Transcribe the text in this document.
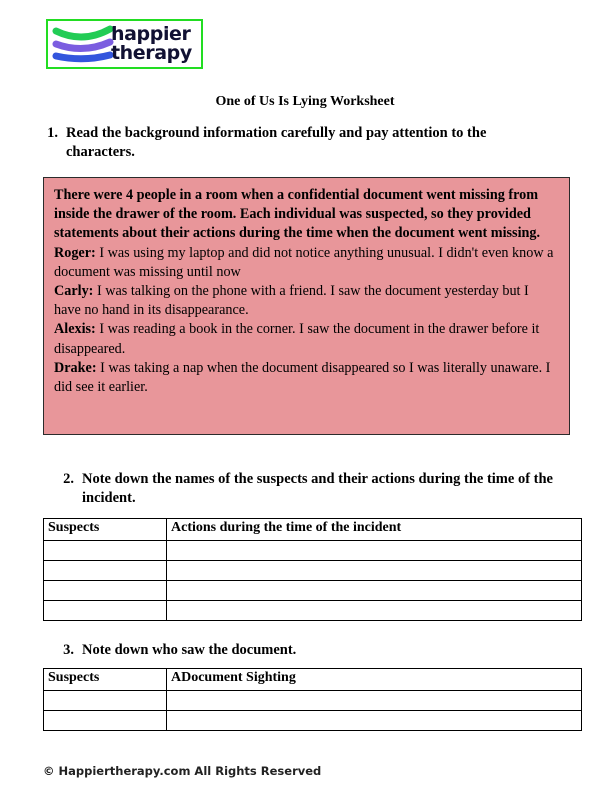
happier
therapy
One of Us Is Lying Worksheet
1. Read the background information carefully and pay attention to the characters.

There were 4 people in a room when a confidential document went missing from inside the drawer of the room. Each individual was suspected, so they provided statements about their actions during the time when the document went missing.

Roger: I was using my laptop and did not notice anything unusual. I didn't even know a document was missing until now

Carly: I was talking on the phone with a friend. I saw the document yesterday but I have no hand in its disappearance.

Alexis: I was reading a book in the corner. I saw the document in the drawer before it disappeared.

Drake: I was taking a nap when the document disappeared so I was literally unaware. I did see it earlier.

2. Note down the names of the suspects and their actions during the time of the incident.
Suspects	Actions during the time of the incident

3. Note down who saw the document.
Suspects	ADocument Sighting

© Happiertherapy.com All Rights Reserved
